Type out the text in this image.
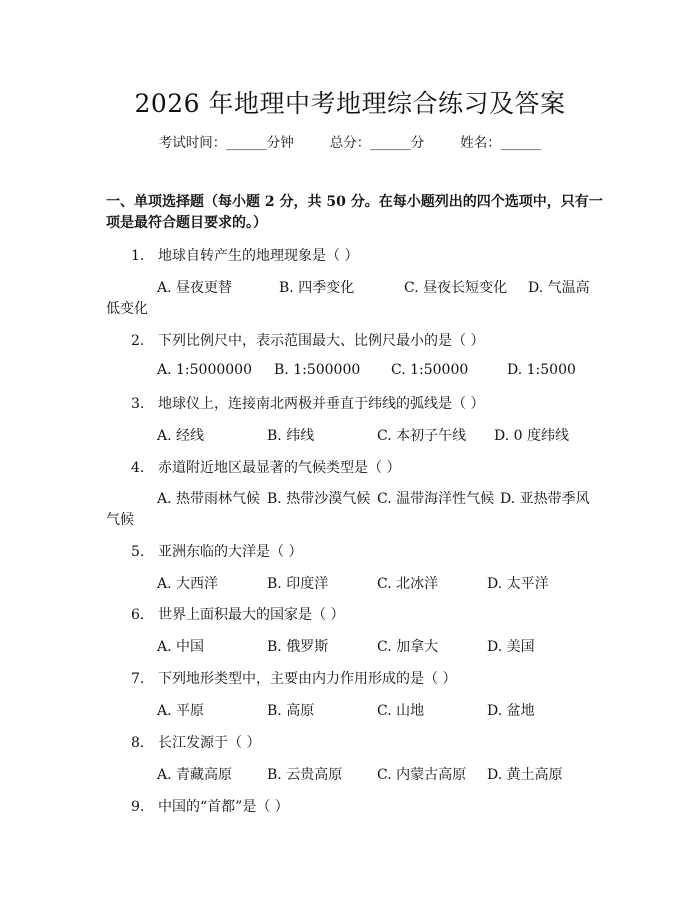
2026 年地理中考地理综合练习及答案
考试时间：______分钟	总分：______分	姓名：______
一、单项选择题（每小题 2 分，共 50 分。在每小题列出的四个选项中，只有一项是最符合题目要求的。）
1. 地球自转产生的地理现象是（ ）
A. 昼夜更替	B. 四季变化	C. 昼夜长短变化 D. 气温高
低变化
2. 下列比例尺中，表示范围最大、比例尺最小的是（ ）
A. 1:5000000 B. 1:500000 C. 1:50000	D. 1:5000
3. 地球仪上，连接南北两极并垂直于纬线的弧线是（ ）
A. 经线	B. 纬线	C. 本初子午线 D. 0 度纬线
4. 赤道附近地区最显著的气候类型是（ ）
A. 热带雨林气候 B. 热带沙漠气候 C. 温带海洋性气候 D. 亚热带季风
气候
5. 亚洲东临的大洋是（ ）
A. 大西洋	B. 印度洋	C. 北冰洋	D. 太平洋
6. 世界上面积最大的国家是（ ）
A. 中国	B. 俄罗斯	C. 加拿大	D. 美国
7. 下列地形类型中，主要由内力作用形成的是（ ）
A. 平原	B. 高原	C. 山地	D. 盆地
8. 长江发源于（ ）
A. 青藏高原 B. 云贵高原 C. 内蒙古高原 D. 黄土高原
9. 中国的“首都”是（ ）
